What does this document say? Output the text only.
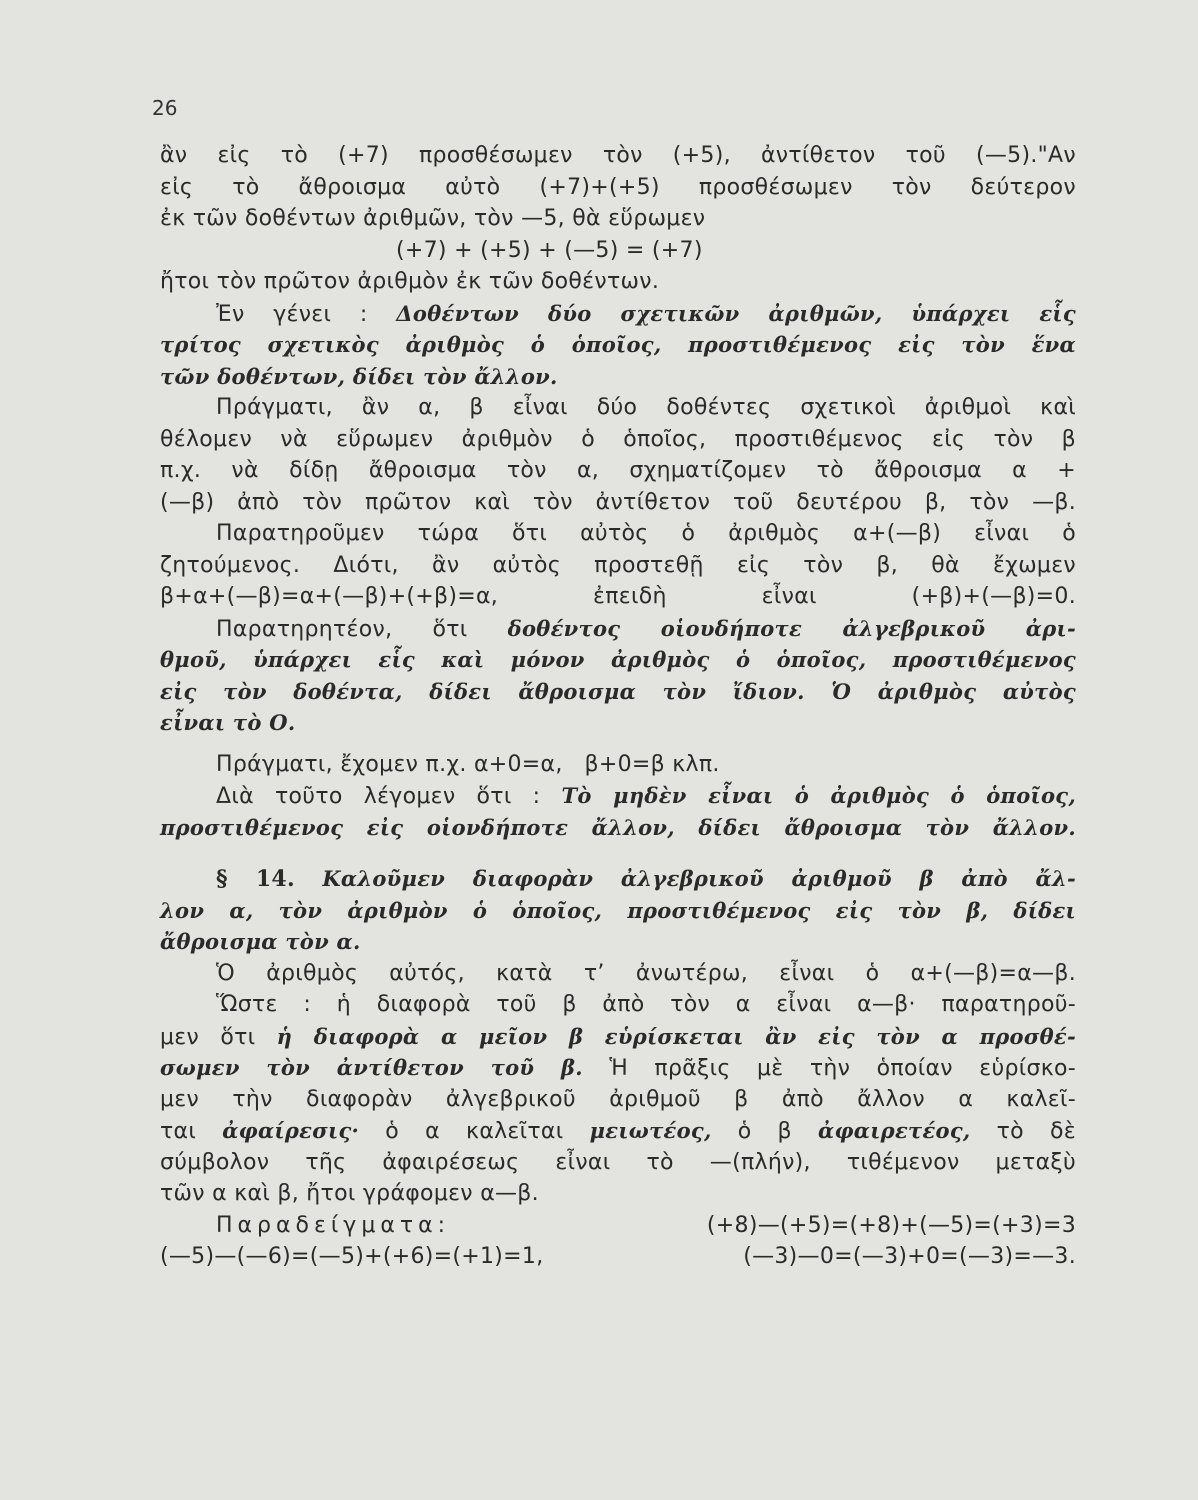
26
ἂν εἰς τὸ (+7) προσθέσωμεν τὸν (+5), ἀντίθετον τοῦ (—5)."Αν
εἰς τὸ ἄθροισμα αὐτὸ (+7)+(+5) προσθέσωμεν τὸν δεύτερον
ἐκ τῶν δοθέντων ἀριθμῶν, τὸν —5, θὰ εὕρωμεν
(+7) + (+5) + (—5) = (+7)
ἤτοι τὸν πρῶτον ἀριθμὸν ἐκ τῶν δοθέντων.
Ἐν γένει : Δοθέντων δύο σχετικῶν ἀριθμῶν, ὑπάρχει εἷς
τρίτος σχετικὸς ἀριθμὸς ὁ ὁποῖος, προστιθέμενος εἰς τὸν ἕνα
τῶν δοθέντων, δίδει τὸν ἄλλον.
Πράγματι, ἂν α, β εἶναι δύο δοθέντες σχετικοὶ ἀριθμοὶ καὶ
θέλομεν νὰ εὕρωμεν ἀριθμὸν ὁ ὁποῖος, προστιθέμενος εἰς τὸν β
π.χ. νὰ δίδῃ ἄθροισμα τὸν α, σχηματίζομεν τὸ ἄθροισμα α +
(—β) ἀπὸ τὸν πρῶτον καὶ τὸν ἀντίθετον τοῦ δευτέρου β, τὸν —β.
Παρατηροῦμεν τώρα ὅτι αὐτὸς ὁ ἀριθμὸς α+(—β) εἶναι ὁ
ζητούμενος. Διότι, ἂν αὐτὸς προστεθῇ εἰς τὸν β, θὰ ἔχωμεν
β+α+(—β)=α+(—β)+(+β)=α, ἐπειδὴ εἶναι (+β)+(—β)=0.
Παρατηρητέον, ὅτι δοθέντος οἱουδήποτε ἀλγεβρικοῦ ἀρι-
θμοῦ, ὑπάρχει εἷς καὶ μόνον ἀριθμὸς ὁ ὁποῖος, προστιθέμενος
εἰς τὸν δοθέντα, δίδει ἄθροισμα τὸν ἴδιον. Ὁ ἀριθμὸς αὐτὸς
εἶναι τὸ Ο.
Πράγματι, ἔχομεν π.χ. α+0=α,   β+0=β κλπ.
Διὰ τοῦτο λέγομεν ὅτι : Τὸ μηδὲν εἶναι ὁ ἀριθμὸς ὁ ὁποῖος,
προστιθέμενος εἰς οἱονδήποτε ἄλλον, δίδει ἄθροισμα τὸν ἄλλον.
§ 14. Καλοῦμεν διαφορὰν ἀλγεβρικοῦ ἀριθμοῦ β ἀπὸ ἄλ-
λον α, τὸν ἀριθμὸν ὁ ὁποῖος, προστιθέμενος εἰς τὸν β, δίδει
ἄθροισμα τὸν α.
Ὁ ἀριθμὸς αὐτός, κατὰ τ’ ἀνωτέρω, εἶναι ὁ α+(—β)=α—β.
Ὥστε : ἡ διαφορὰ τοῦ β ἀπὸ τὸν α εἶναι α—β· παρατηροῦ-
μεν ὅτι ἡ διαφορὰ α μεῖον β εὑρίσκεται ἂν εἰς τὸν α προσθέ-
σωμεν τὸν ἀντίθετον τοῦ β. Ἡ πρᾶξις μὲ τὴν ὁποίαν εὑρίσκο-
μεν τὴν διαφορὰν ἀλγεβρικοῦ ἀριθμοῦ β ἀπὸ ἄλλον α καλεῖ-
ται ἀφαίρεσις· ὁ α καλεῖται μειωτέος, ὁ β ἀφαιρετέος, τὸ δὲ
σύμβολον τῆς ἀφαιρέσεως εἶναι τὸ —(πλήν), τιθέμενον μεταξὺ
τῶν α καὶ β, ἤτοι γράφομεν α—β.
Παραδείγματα: (+8)—(+5)=(+8)+(—5)=(+3)=3
(—5)—(—6)=(—5)+(+6)=(+1)=1, (—3)—0=(—3)+0=(—3)=—3.
